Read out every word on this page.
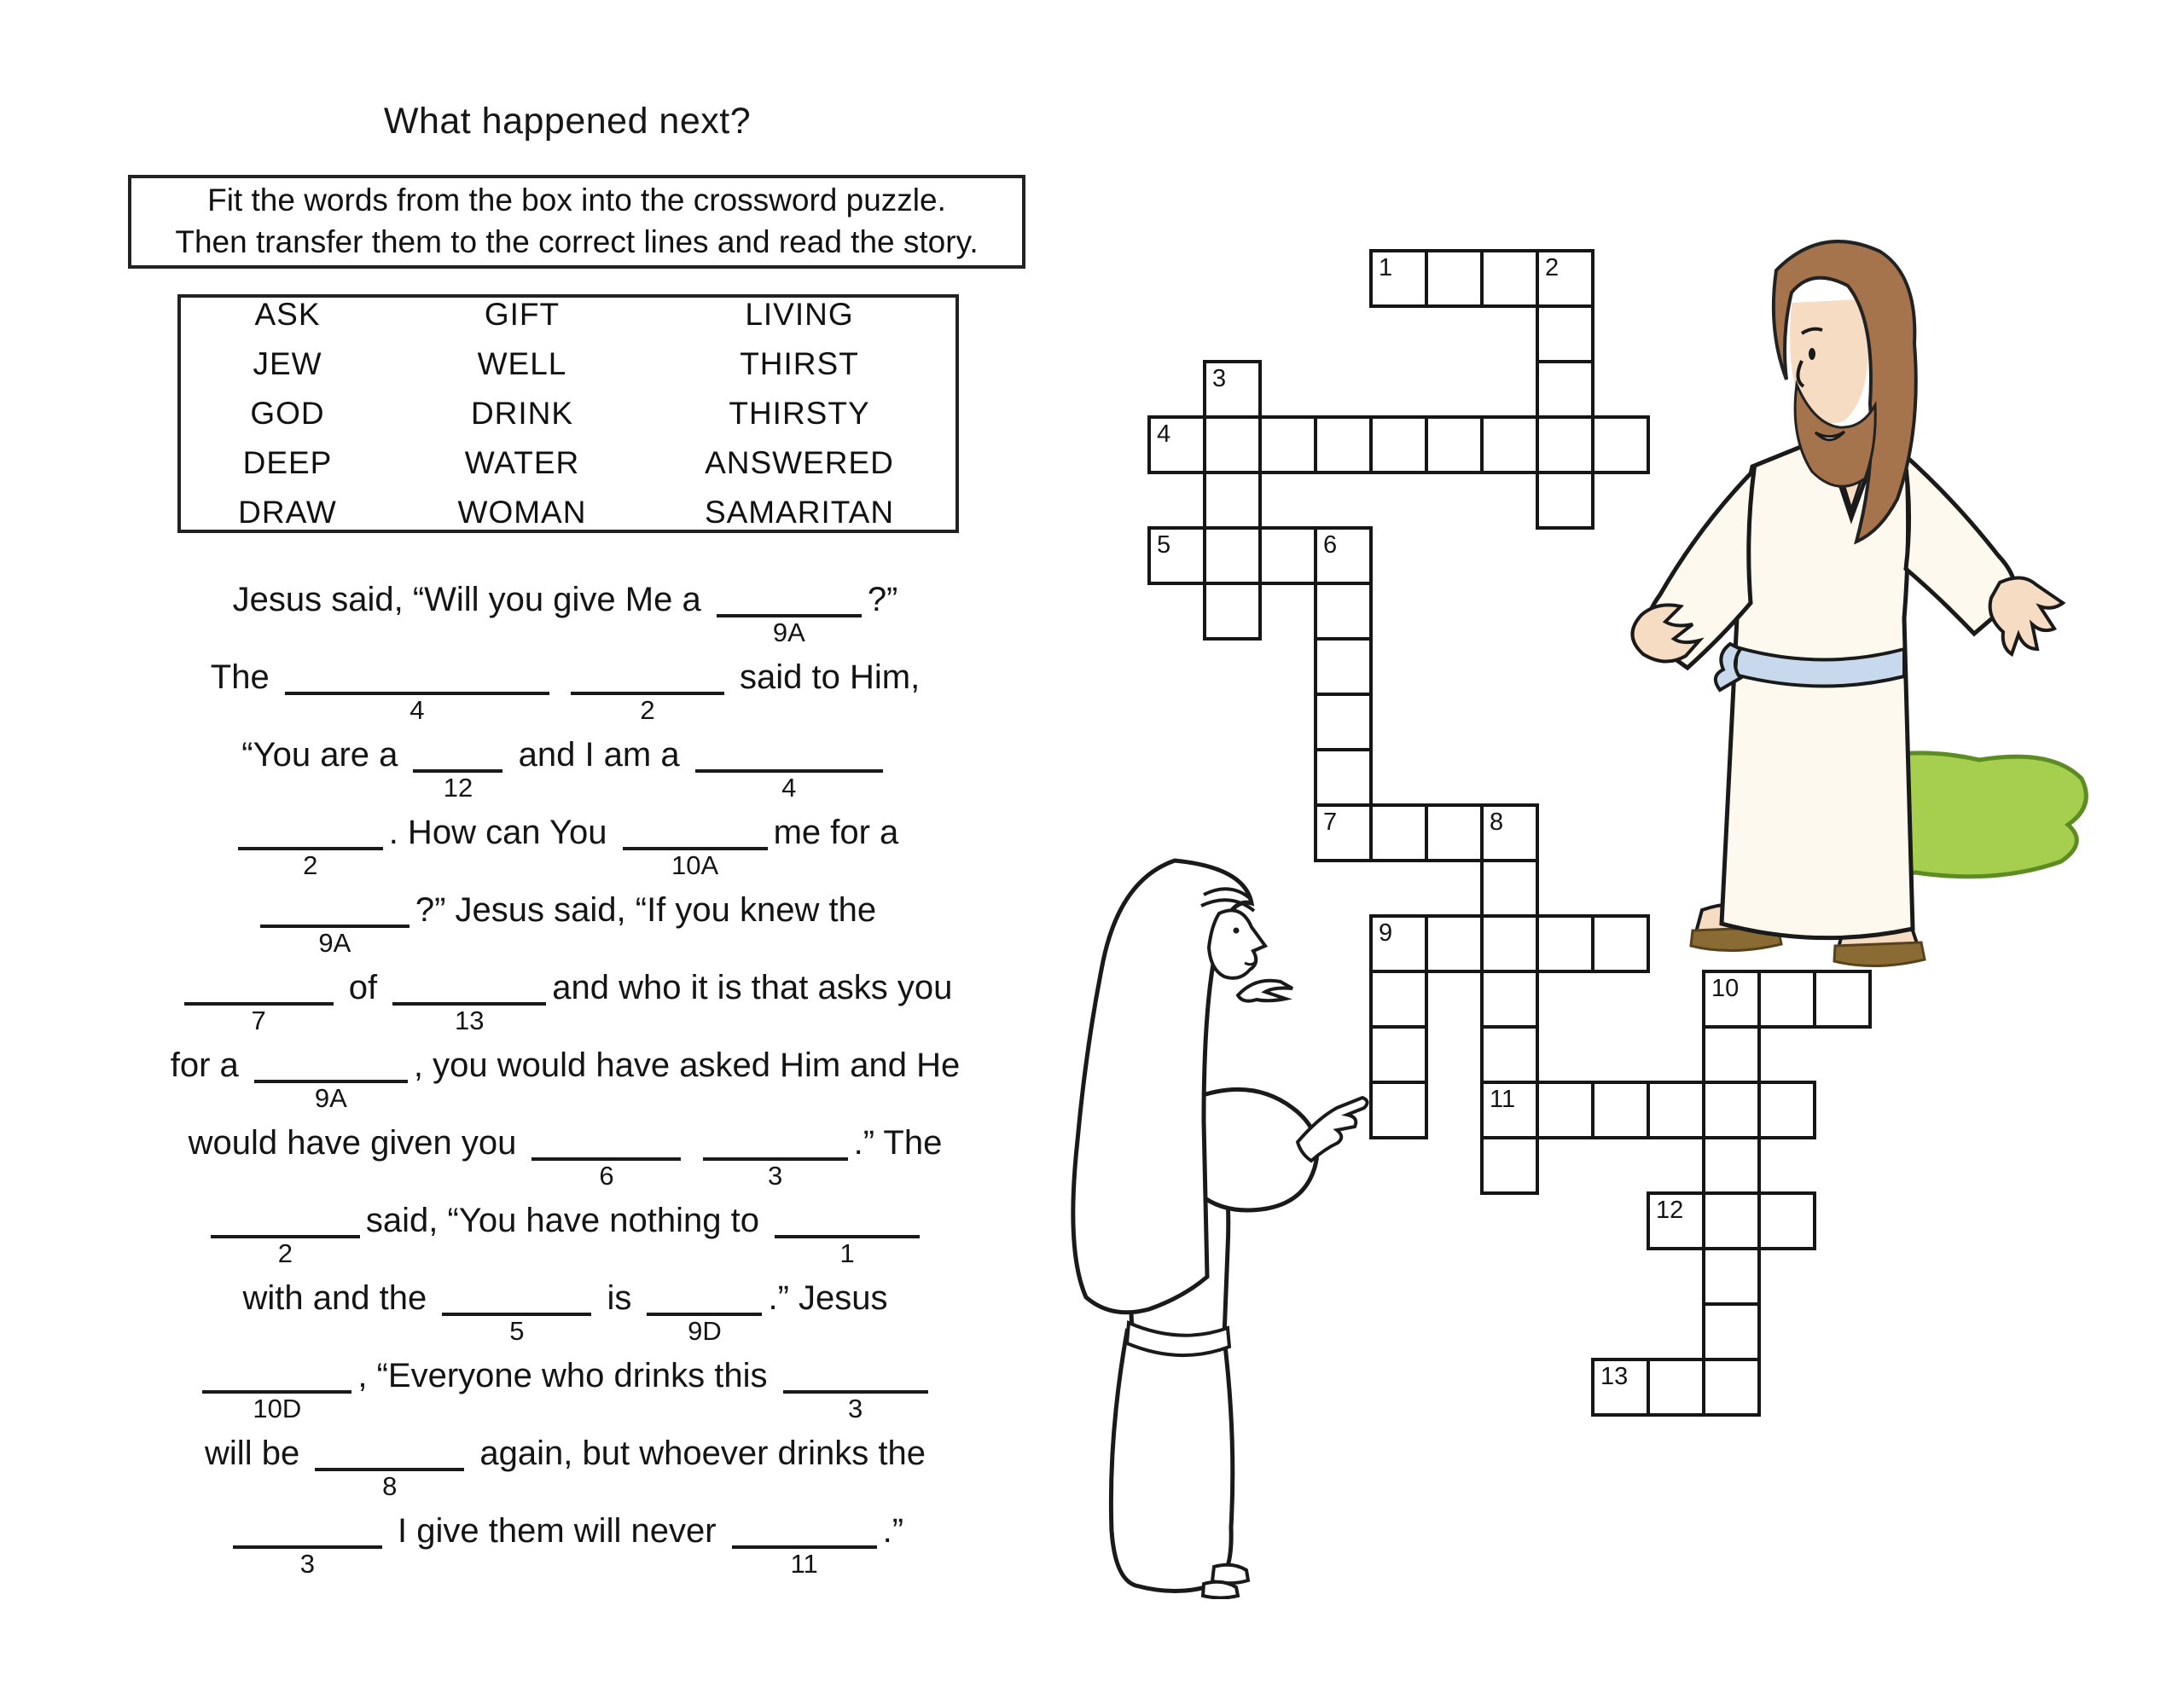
What happened next?
Fit the words from the box into the crossword puzzle.
Then transfer them to the correct lines and read the story.
ASK	GIFT	LIVING
JEW	WELL	THIRST
GOD	DRINK	THIRSTY
DEEP	WATER	ANSWERED
DRAW	WOMAN	SAMARITAN
Jesus said, “Will you give Me a
9A
?”
The
4
	2
said to Him,
“You are a
12
and I am a
4
2
. How can You
10A
me for a
9A
?” Jesus said, “If you knew the
7
of
13
and who it is that asks you
for a
9A
, you would have asked Him and He
would have given you
6
	3
.” The
2
said, “You have nothing to
1
with and the
5
is
9D
.” Jesus
10D
, “Everyone who drinks this
3
will be
8
again, but whoever drinks the
3
I give them will never
11
.”
1	2
3
4
5	6
7	8
9
10
11
12
13
